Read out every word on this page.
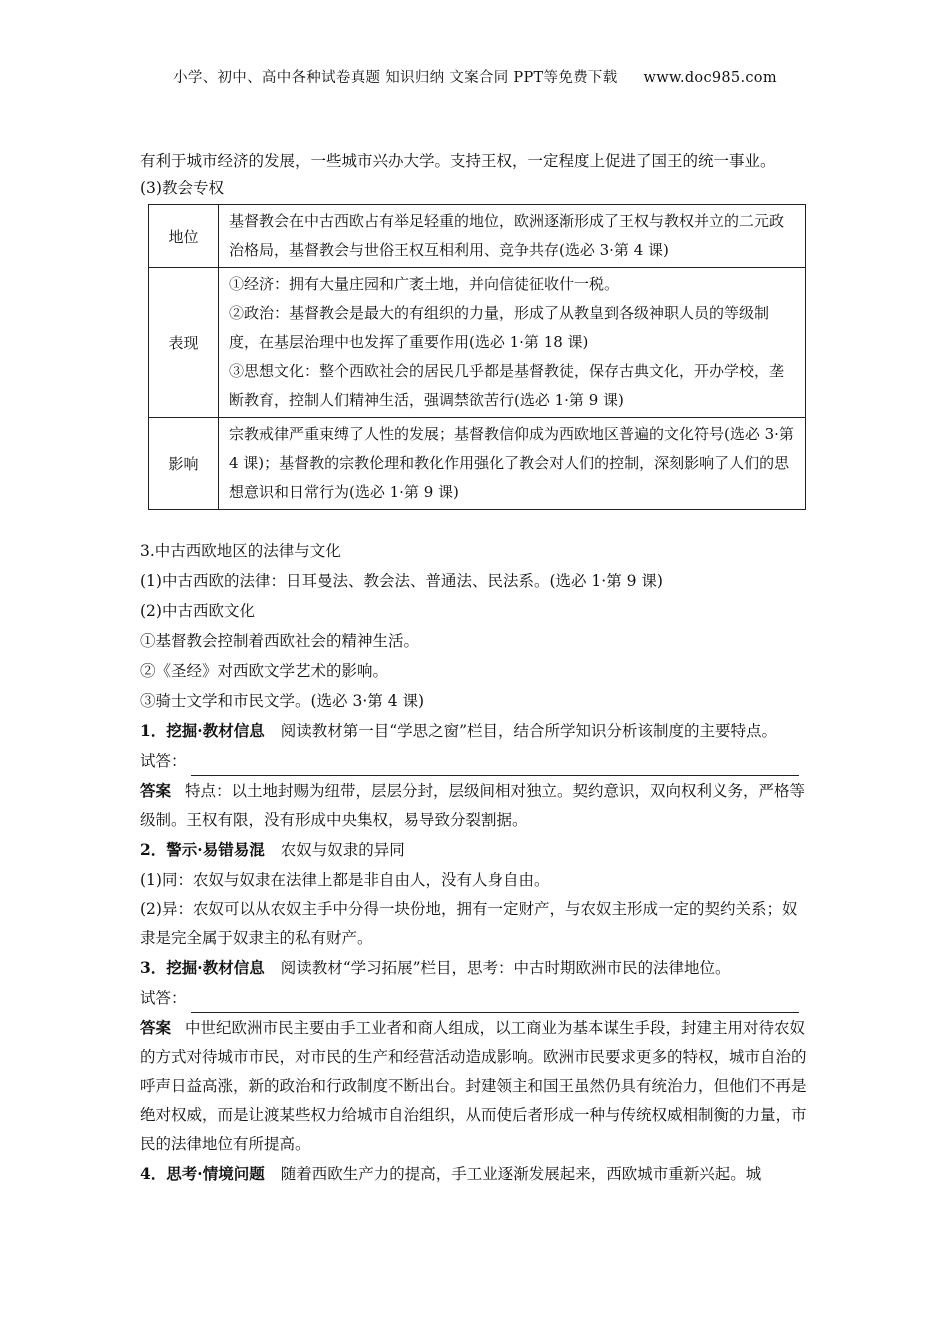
小学、初中、高中各种试卷真题 知识归纳 文案合同 PPT等免费下载 www.doc985.com
有利于城市经济的发展，一些城市兴办大学。支持王权，一定程度上促进了国王的统一事业。
(3)教会专权
地位	基督教会在中古西欧占有举足轻重的地位，欧洲逐渐形成了王权与教权并立的二元政治格局，基督教会与世俗王权互相利用、竞争共存(选必 3·第 4 课)
表现	①经济：拥有大量庄园和广袤土地，并向信徒征收什一税。
②政治：基督教会是最大的有组织的力量，形成了从教皇到各级神职人员的等级制度，在基层治理中也发挥了重要作用(选必 1·第 18 课)
③思想文化：整个西欧社会的居民几乎都是基督教徒，保存古典文化，开办学校，垄断教育，控制人们精神生活，强调禁欲苦行(选必 1·第 9 课)

影响	宗教戒律严重束缚了人性的发展；基督教信仰成为西欧地区普遍的文化符号(选必 3·第 4 课)；基督教的宗教伦理和教化作用强化了教会对人们的控制，深刻影响了人们的思想意识和日常行为(选必 1·第 9 课)
3.中古西欧地区的法律与文化
(1)中古西欧的法律：日耳曼法、教会法、普通法、民法系。(选必 1·第 9 课)
(2)中古西欧文化
①基督教会控制着西欧社会的精神生活。
②《圣经》对西欧文学艺术的影响。
③骑士文学和市民文学。(选必 3·第 4 课)
1．挖掘·教材信息 阅读教材第一目“学思之窗”栏目，结合所学知识分析该制度的主要特点。
试答：
答案 特点：以土地封赐为纽带，层层分封，层级间相对独立。契约意识，双向权利义务，严格等级制。王权有限，没有形成中央集权，易导致分裂割据。
2．警示·易错易混 农奴与奴隶的异同
(1)同：农奴与奴隶在法律上都是非自由人，没有人身自由。
(2)异：农奴可以从农奴主手中分得一块份地，拥有一定财产，与农奴主形成一定的契约关系；奴隶是完全属于奴隶主的私有财产。
3．挖掘·教材信息 阅读教材“学习拓展”栏目，思考：中古时期欧洲市民的法律地位。
试答：
答案 中世纪欧洲市民主要由手工业者和商人组成，以工商业为基本谋生手段，封建主用对待农奴的方式对待城市市民，对市民的生产和经营活动造成影响。欧洲市民要求更多的特权，城市自治的呼声日益高涨，新的政治和行政制度不断出台。封建领主和国王虽然仍具有统治力，但他们不再是绝对权威，而是让渡某些权力给城市自治组织，从而使后者形成一种与传统权威相制衡的力量，市民的法律地位有所提高。
4．思考·情境问题 随着西欧生产力的提高，手工业逐渐发展起来，西欧城市重新兴起。城
